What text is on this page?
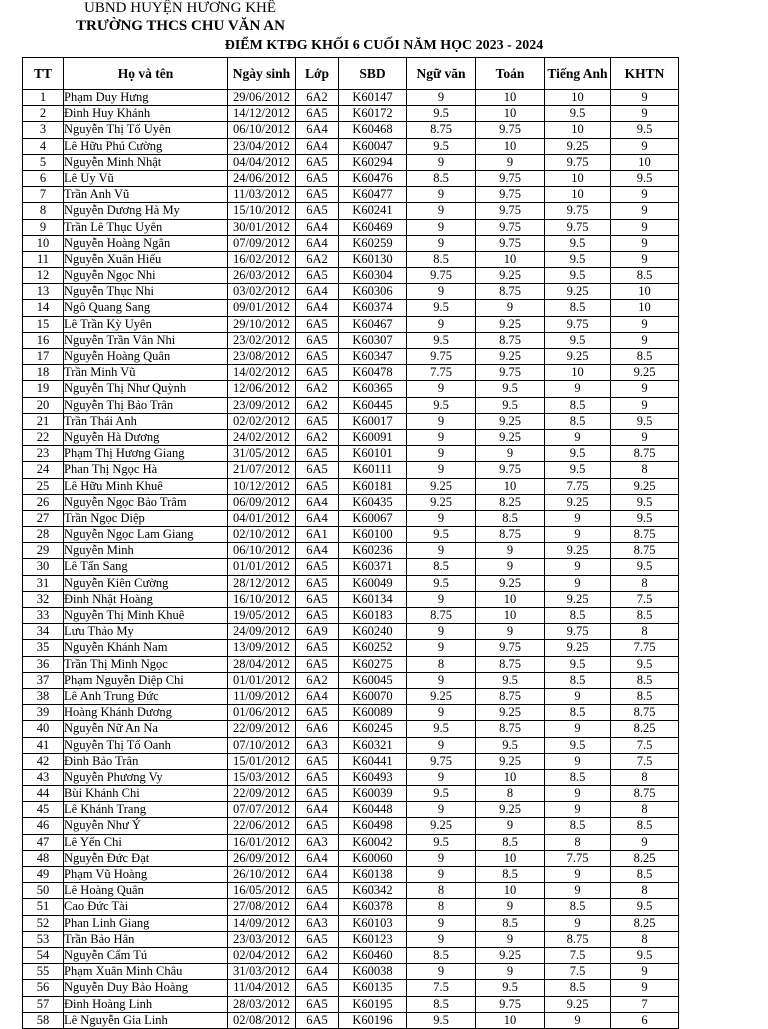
UBND HUYỆN HƯƠNG KHÊ
TRƯỜNG THCS CHU VĂN AN
ĐIỂM KTĐG KHỐI 6 CUỐI NĂM HỌC 2023 - 2024
TT	Họ và tên	Ngày sinh	Lớp	SBD	Ngữ văn	Toán	Tiếng Anh	KHTN
1	Phạm Duy Hưng	29/06/2012	6A2	K60147	9	10	10	9
2	Đinh Huy Khánh	14/12/2012	6A5	K60172	9.5	10	9.5	9
3	Nguyễn Thị Tố Uyên	06/10/2012	6A4	K60468	8.75	9.75	10	9.5
4	Lê Hữu Phú Cường	23/04/2012	6A4	K60047	9.5	10	9.25	9
5	Nguyễn Minh Nhật	04/04/2012	6A5	K60294	9	9	9.75	10
6	Lê Uy Vũ	24/06/2012	6A5	K60476	8.5	9.75	10	9.5
7	Trần Anh Vũ	11/03/2012	6A5	K60477	9	9.75	10	9
8	Nguyễn Dương Hà My	15/10/2012	6A5	K60241	9	9.75	9.75	9
9	Trần Lê Thục Uyên	30/01/2012	6A4	K60469	9	9.75	9.75	9
10	Nguyễn Hoàng Ngân	07/09/2012	6A4	K60259	9	9.75	9.5	9
11	Nguyễn Xuân Hiếu	16/02/2012	6A2	K60130	8.5	10	9.5	9
12	Nguyễn Ngọc Nhi	26/03/2012	6A5	K60304	9.75	9.25	9.5	8.5
13	Nguyễn Thục Nhi	03/02/2012	6A4	K60306	9	8.75	9.25	10
14	Ngô Quang Sang	09/01/2012	6A4	K60374	9.5	9	8.5	10
15	Lê Trần Kỳ Uyên	29/10/2012	6A5	K60467	9	9.25	9.75	9
16	Nguyễn Trần Vân Nhi	23/02/2012	6A5	K60307	9.5	8.75	9.5	9
17	Nguyễn Hoàng Quân	23/08/2012	6A5	K60347	9.75	9.25	9.25	8.5
18	Trần Minh Vũ	14/02/2012	6A5	K60478	7.75	9.75	10	9.25
19	Nguyễn Thị Như Quỳnh	12/06/2012	6A2	K60365	9	9.5	9	9
20	Nguyễn Thị Bảo Trân	23/09/2012	6A2	K60445	9.5	9.5	8.5	9
21	Trần Thái Anh	02/02/2012	6A5	K60017	9	9.25	8.5	9.5
22	Nguyễn Hà Dương	24/02/2012	6A2	K60091	9	9.25	9	9
23	Phạm Thị Hương Giang	31/05/2012	6A5	K60101	9	9	9.5	8.75
24	Phan Thị Ngọc Hà	21/07/2012	6A5	K60111	9	9.75	9.5	8
25	Lê Hữu Minh Khuê	10/12/2012	6A5	K60181	9.25	10	7.75	9.25
26	Nguyễn Ngọc Bảo Trâm	06/09/2012	6A4	K60435	9.25	8.25	9.25	9.5
27	Trần Ngọc Diệp	04/01/2012	6A4	K60067	9	8.5	9	9.5
28	Nguyễn Ngọc Lam Giang	02/10/2012	6A1	K60100	9.5	8.75	9	8.75
29	Nguyễn Minh	06/10/2012	6A4	K60236	9	9	9.25	8.75
30	Lê Tấn Sang	01/01/2012	6A5	K60371	8.5	9	9	9.5
31	Nguyễn Kiên Cường	28/12/2012	6A5	K60049	9.5	9.25	9	8
32	Đinh Nhật Hoàng	16/10/2012	6A5	K60134	9	10	9.25	7.5
33	Nguyễn Thị Minh Khuê	19/05/2012	6A5	K60183	8.75	10	8.5	8.5
34	Lưu Thảo My	24/09/2012	6A9	K60240	9	9	9.75	8
35	Nguyễn Khánh Nam	13/09/2012	6A5	K60252	9	9.75	9.25	7.75
36	Trần Thị Minh Ngọc	28/04/2012	6A5	K60275	8	8.75	9.5	9.5
37	Phạm Nguyễn Diệp Chi	01/01/2012	6A2	K60045	9	9.5	8.5	8.5
38	Lê Anh Trung Đức	11/09/2012	6A4	K60070	9.25	8.75	9	8.5
39	Hoàng Khánh Dương	01/06/2012	6A5	K60089	9	9.25	8.5	8.75
40	Nguyễn Nữ An Na	22/09/2012	6A6	K60245	9.5	8.75	9	8.25
41	Nguyễn Thị Tố Oanh	07/10/2012	6A3	K60321	9	9.5	9.5	7.5
42	Đinh Bảo Trân	15/01/2012	6A5	K60441	9.75	9.25	9	7.5
43	Nguyễn Phương Vy	15/03/2012	6A5	K60493	9	10	8.5	8
44	Bùi Khánh Chi	22/09/2012	6A5	K60039	9.5	8	9	8.75
45	Lê Khánh Trang	07/07/2012	6A4	K60448	9	9.25	9	8
46	Nguyễn Như Ý	22/06/2012	6A5	K60498	9.25	9	8.5	8.5
47	Lê Yến Chi	16/01/2012	6A3	K60042	9.5	8.5	8	9
48	Nguyễn Đức Đạt	26/09/2012	6A4	K60060	9	10	7.75	8.25
49	Phạm Vũ Hoàng	26/10/2012	6A4	K60138	9	8.5	9	8.5
50	Lê Hoàng Quân	16/05/2012	6A5	K60342	8	10	9	8
51	Cao Đức Tài	27/08/2012	6A4	K60378	8	9	8.5	9.5
52	Phan Linh Giang	14/09/2012	6A3	K60103	9	8.5	9	8.25
53	Trần Bảo Hân	23/03/2012	6A5	K60123	9	9	8.75	8
54	Nguyễn Cẩm Tú	02/04/2012	6A2	K60460	8.5	9.25	7.5	9.5
55	Phạm Xuân Minh Châu	31/03/2012	6A4	K60038	9	9	7.5	9
56	Nguyễn Duy Bảo Hoàng	11/04/2012	6A5	K60135	7.5	9.5	8.5	9
57	Đinh Hoàng Linh	28/03/2012	6A5	K60195	8.5	9.75	9.25	7
58	Lê Nguyễn Gia Linh	02/08/2012	6A5	K60196	9.5	10	9	6
